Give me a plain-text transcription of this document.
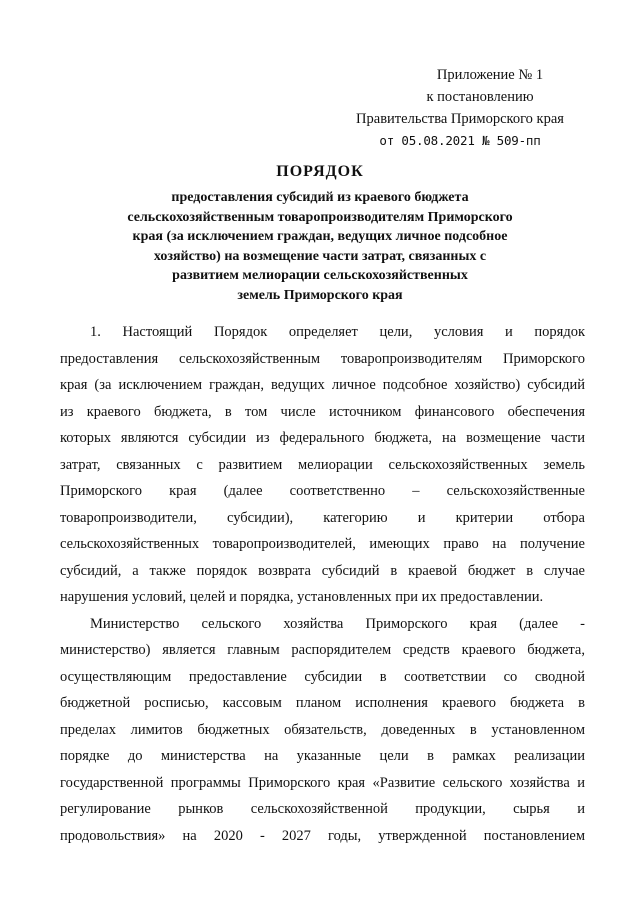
Приложение № 1
к постановлению
Правительства Приморского края
от 05.08.2021 № 509-пп
ПОРЯДОК
предоставления субсидий из краевого бюджета
сельскохозяйственным товаропроизводителям Приморского
края (за исключением граждан, ведущих личное подсобное
хозяйство) на возмещение части затрат, связанных с
развитием мелиорации сельскохозяйственных
земель Приморского края
1. Настоящий Порядок определяет цели, условия и порядок
предоставления сельскохозяйственным товаропроизводителям Приморского
края (за исключением граждан, ведущих личное подсобное хозяйство) субсидий
из краевого бюджета, в том числе источником финансового обеспечения
которых являются субсидии из федерального бюджета, на возмещение части
затрат, связанных с развитием мелиорации сельскохозяйственных земель
Приморского края (далее соответственно – сельскохозяйственные
товаропроизводители, субсидии), категорию и критерии отбора
сельскохозяйственных товаропроизводителей, имеющих право на получение
субсидий, а также порядок возврата субсидий в краевой бюджет в случае
нарушения условий, целей и порядка, установленных при их предоставлении.
Министерство сельского хозяйства Приморского края (далее -
министерство) является главным распорядителем средств краевого бюджета,
осуществляющим предоставление субсидии в соответствии со сводной
бюджетной росписью, кассовым планом исполнения краевого бюджета в
пределах лимитов бюджетных обязательств, доведенных в установленном
порядке до министерства на указанные цели в рамках реализации
государственной программы Приморского края «Развитие сельского хозяйства и
регулирование рынков сельскохозяйственной продукции, сырья и
продовольствия» на 2020 - 2027 годы, утвержденной постановлением
